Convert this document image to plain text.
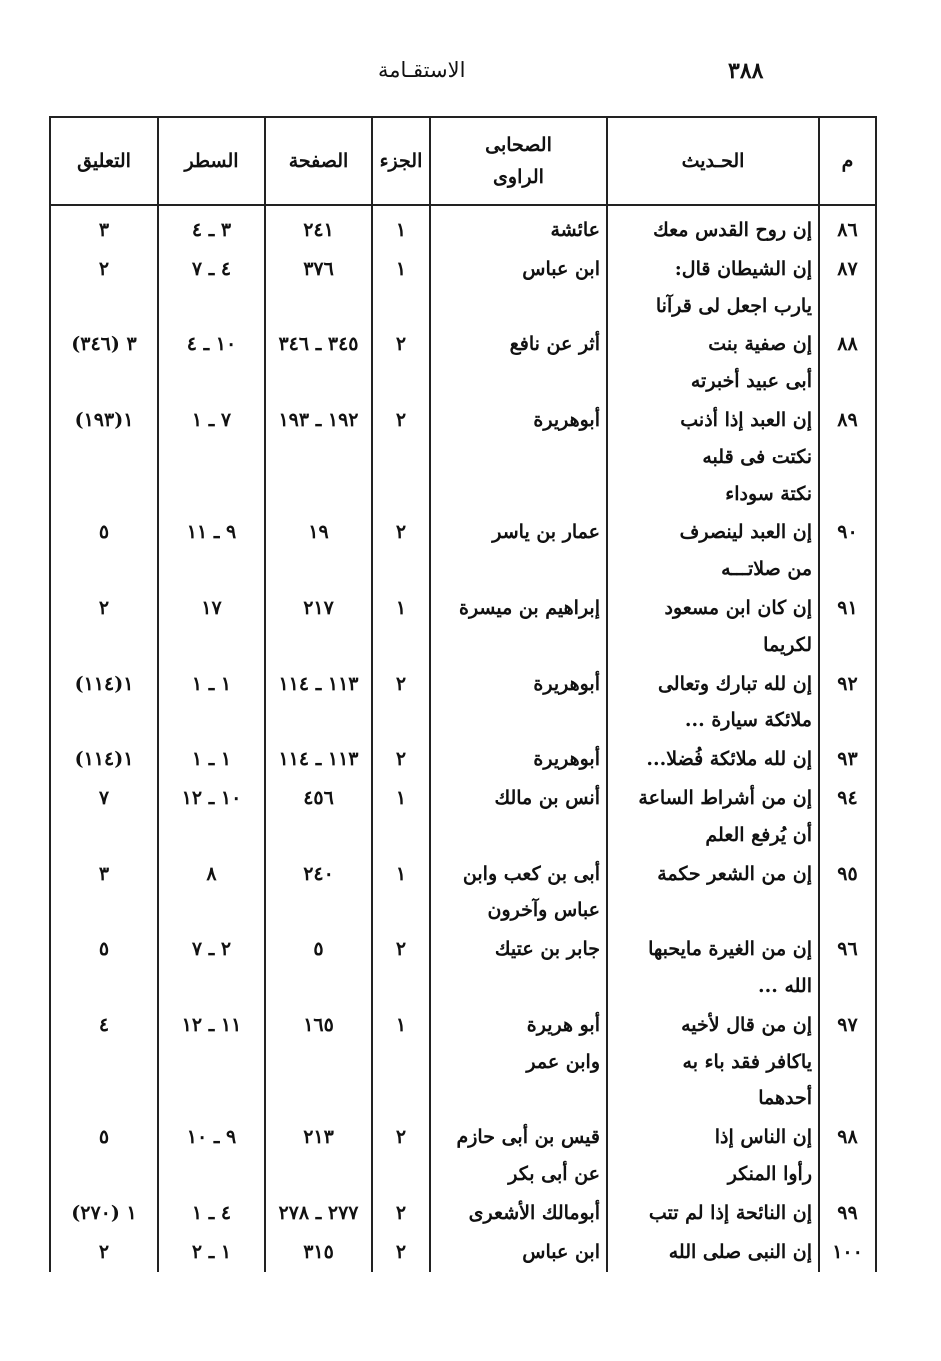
٣٨٨
الاستقـامة
م	الحـديث	الصحابى
الراوى	الجزء	الصفحة	السطر	التعليق
٨٦	إن روح القدس معك	عائشة	١	٢٤١	٣ ـ ٤	٣
٨٧	إن الشيطان قال:
يارب اجعل لى قرآنا	ابن عباس	١	٣٧٦	٤ ـ ٧	٢
٨٨	إن صفية بنت
أبى عبيد أخبرته	أثر عن نافع	٢	٣٤٥ ـ ٣٤٦	١٠ ـ ٤	٣ (٣٤٦)
٨٩	إن العبد إذا أذنب
نكتت فى قلبه
نكتة سوداء	أبوهريرة	٢	١٩٢ ـ ١٩٣	٧ ـ ١	١(١٩٣)
٩٠	إن العبد لينصرف
من صلاتـــه	عمار بن ياسر	٢	١٩	٩ ـ ١١	٥
٩١	إن كان ابن مسعود
لكريما	إبراهيم بن ميسرة	١	٢١٧	١٧	٢
٩٢	إن لله تبارك وتعالى
ملائكة سيارة ...	أبوهريرة	٢	١١٣ ـ ١١٤	١ ـ ١	١(١١٤)
٩٣	إن لله ملائكة فُضلا...	أبوهريرة	٢	١١٣ ـ ١١٤	١ ـ ١	١(١١٤)
٩٤	إن من أشراط الساعة
أن يُرفع العلم	أنس بن مالك	١	٤٥٦	١٠ ـ ١٢	٧
٩٥	إن من الشعر حكمة	أبى بن كعب وابن
عباس وآخرون	١	٢٤٠	٨	٣
٩٦	إن من الغيرة مايحبها
الله ...	جابر بن عتيك	٢	٥	٢ ـ ٧	٥
٩٧	إن من قال لأخيه
ياكافر فقد باء به
أحدهما	أبو هريرة
وابن عمر	١	١٦٥	١١ ـ ١٢	٤
٩٨	إن الناس إذا
رأوا المنكر	قيس بن أبى حازم
عن أبى بكر	٢	٢١٣	٩ ـ ١٠	٥
٩٩	إن النائحة إذا لم تتب	أبومالك الأشعرى	٢	٢٧٧ ـ ٢٧٨	٤ ـ ١	١ (٢٧٠)
١٠٠	إن النبى صلى الله	ابن عباس	٢	٣١٥	١ ـ ٢	٢
